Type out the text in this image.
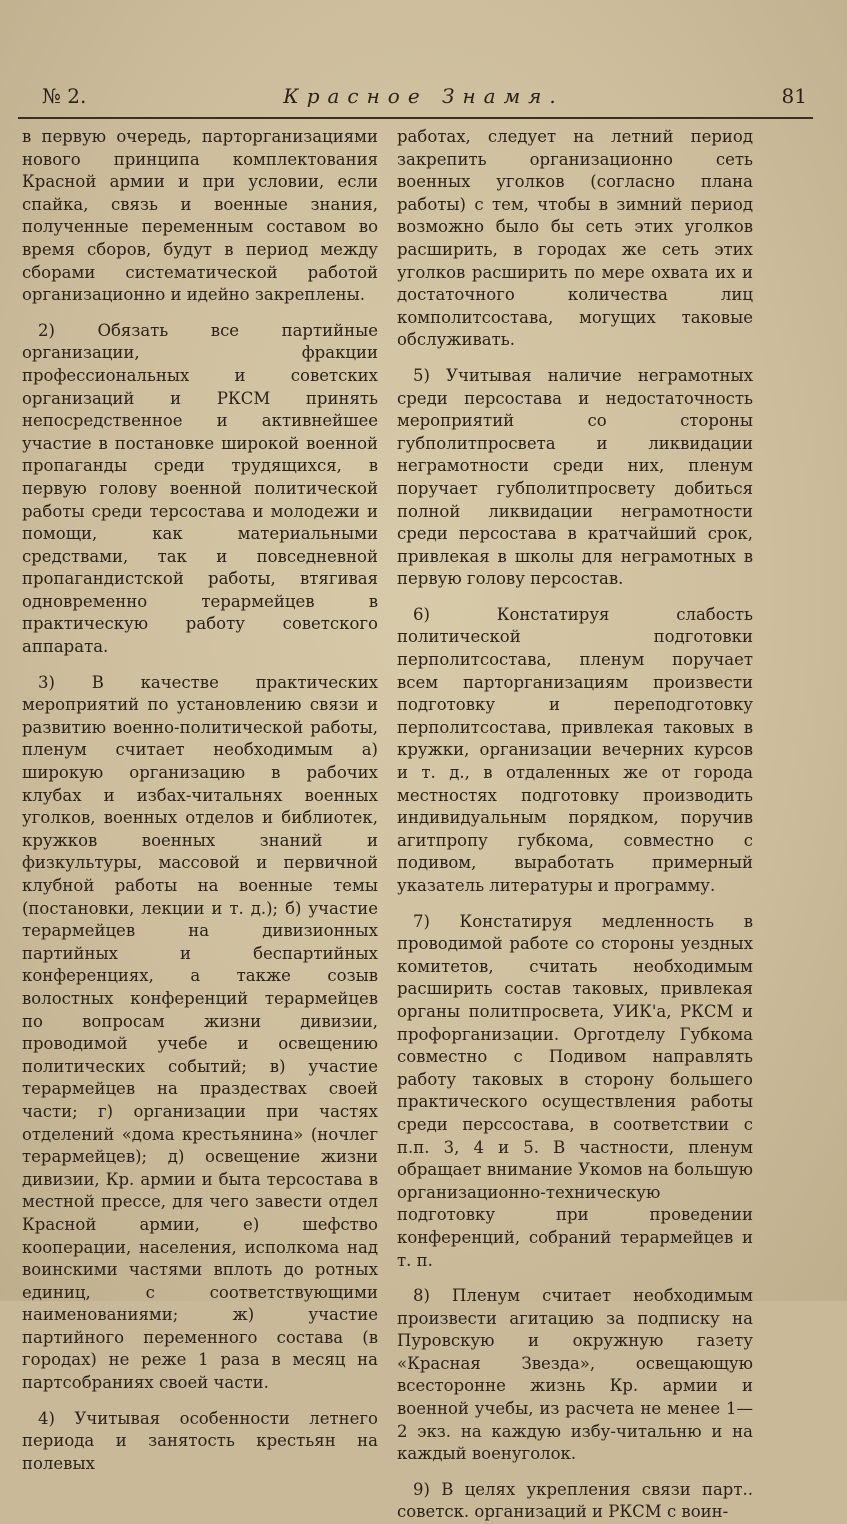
№ 2.	Красное Знамя.	81

в первую очередь, парторганизациями нового принципа комплектования Красной армии и при условии, если спайка, связь и военные знания, полученные переменным составом во время сборов, будут в период между сборами систематической работой организационно и идейно закреплены.

2) Обязать все партийные организации, фракции профессиональных и советских организаций и РКСМ принять непосредственное и активнейшее участие в постановке широкой военной пропаганды среди трудящихся, в первую голову военной политической работы среди терсостава и молодежи и помощи, как материальными средствами, так и повседневной пропагандистской работы, втягивая одновременно терармейцев в практическую работу советского аппарата.

3) В качестве практических мероприятий по установлению связи и развитию военно-политической работы, пленум считает необходимым а) широкую организацию в рабочих клубах и избах-читальнях военных уголков, военных отделов и библиотек, кружков военных знаний и физкультуры, массовой и первичной клубной работы на военные темы (постановки, лекции и т. д.); б) участие терармейцев на дивизионных партийных и беспартийных конференциях, а также созыв волостных конференций терармейцев по вопросам жизни дивизии, проводимой учебе и освещению политических событий; в) участие терармейцев на праздествах своей части; г) организации при частях отделений «дома крестьянина» (ночлег терармейцев); д) освещение жизни дивизии, Кр. армии и быта терсостава в местной прессе, для чего завести отдел Красной армии, е) шефство кооперации, населения, исполкома над воинскими частями вплоть до ротных единиц, с соответствующими наименованиями; ж) участие партийного переменного состава (в городах) не реже 1 раза в месяц на партсобраниях своей части.

4) Учитывая особенности летнего периода и занятость крестьян на полевых

работах, следует на летний период закрепить организационно сеть военных уголков (согласно плана работы) с тем, чтобы в зимний период возможно было бы сеть этих уголков расширить, в городах же сеть этих уголков расширить по мере охвата их и достаточного количества лиц комполитсостава, могущих таковые обслуживать.

5) Учитывая наличие неграмотных среди персостава и недостаточность мероприятий со стороны губполитпросвета и ликвидации неграмотности среди них, пленум поручает губполитпросвету добиться полной ликвидации неграмотности среди персостава в кратчайший срок, привлекая в школы для неграмотных в первую голову персостав.

6) Констатируя слабость политической подготовки перполитсостава, пленум поручает всем парторганизациям произвести подготовку и переподготовку перполитсостава, привлекая таковых в кружки, организации вечерних курсов и т. д., в отдаленных же от города местностях подготовку производить индивидуальным порядком, поручив агитпропу губкома, совместно с подивом, выработать примерный указатель литературы и программу.

7) Констатируя медленность в проводимой работе со стороны уездных комитетов, считать необходимым расширить состав таковых, привлекая органы политпросвета, УИК'а, РКСМ и профорганизации. Орготделу Губкома совместно с Подивом направлять работу таковых в сторону большего практического осуществления работы среди перссостава, в соответствии с п.п. 3, 4 и 5. В частности, пленум обращает внимание Укомов на большую организационно-техническую подготовку при проведении конференций, собраний терармейцев и т. п.

8) Пленум считает необходимым произвести агитацию за подписку на Пуровскую и окружную газету «Красная Звезда», освещающую всесторонне жизнь Кр. армии и военной учебы, из расчета не менее 1—2 экз. на каждую избу-читальню и на каждый военуголок.

9) В целях укрепления связи парт.. советск. организаций и РКСМ с воин-
